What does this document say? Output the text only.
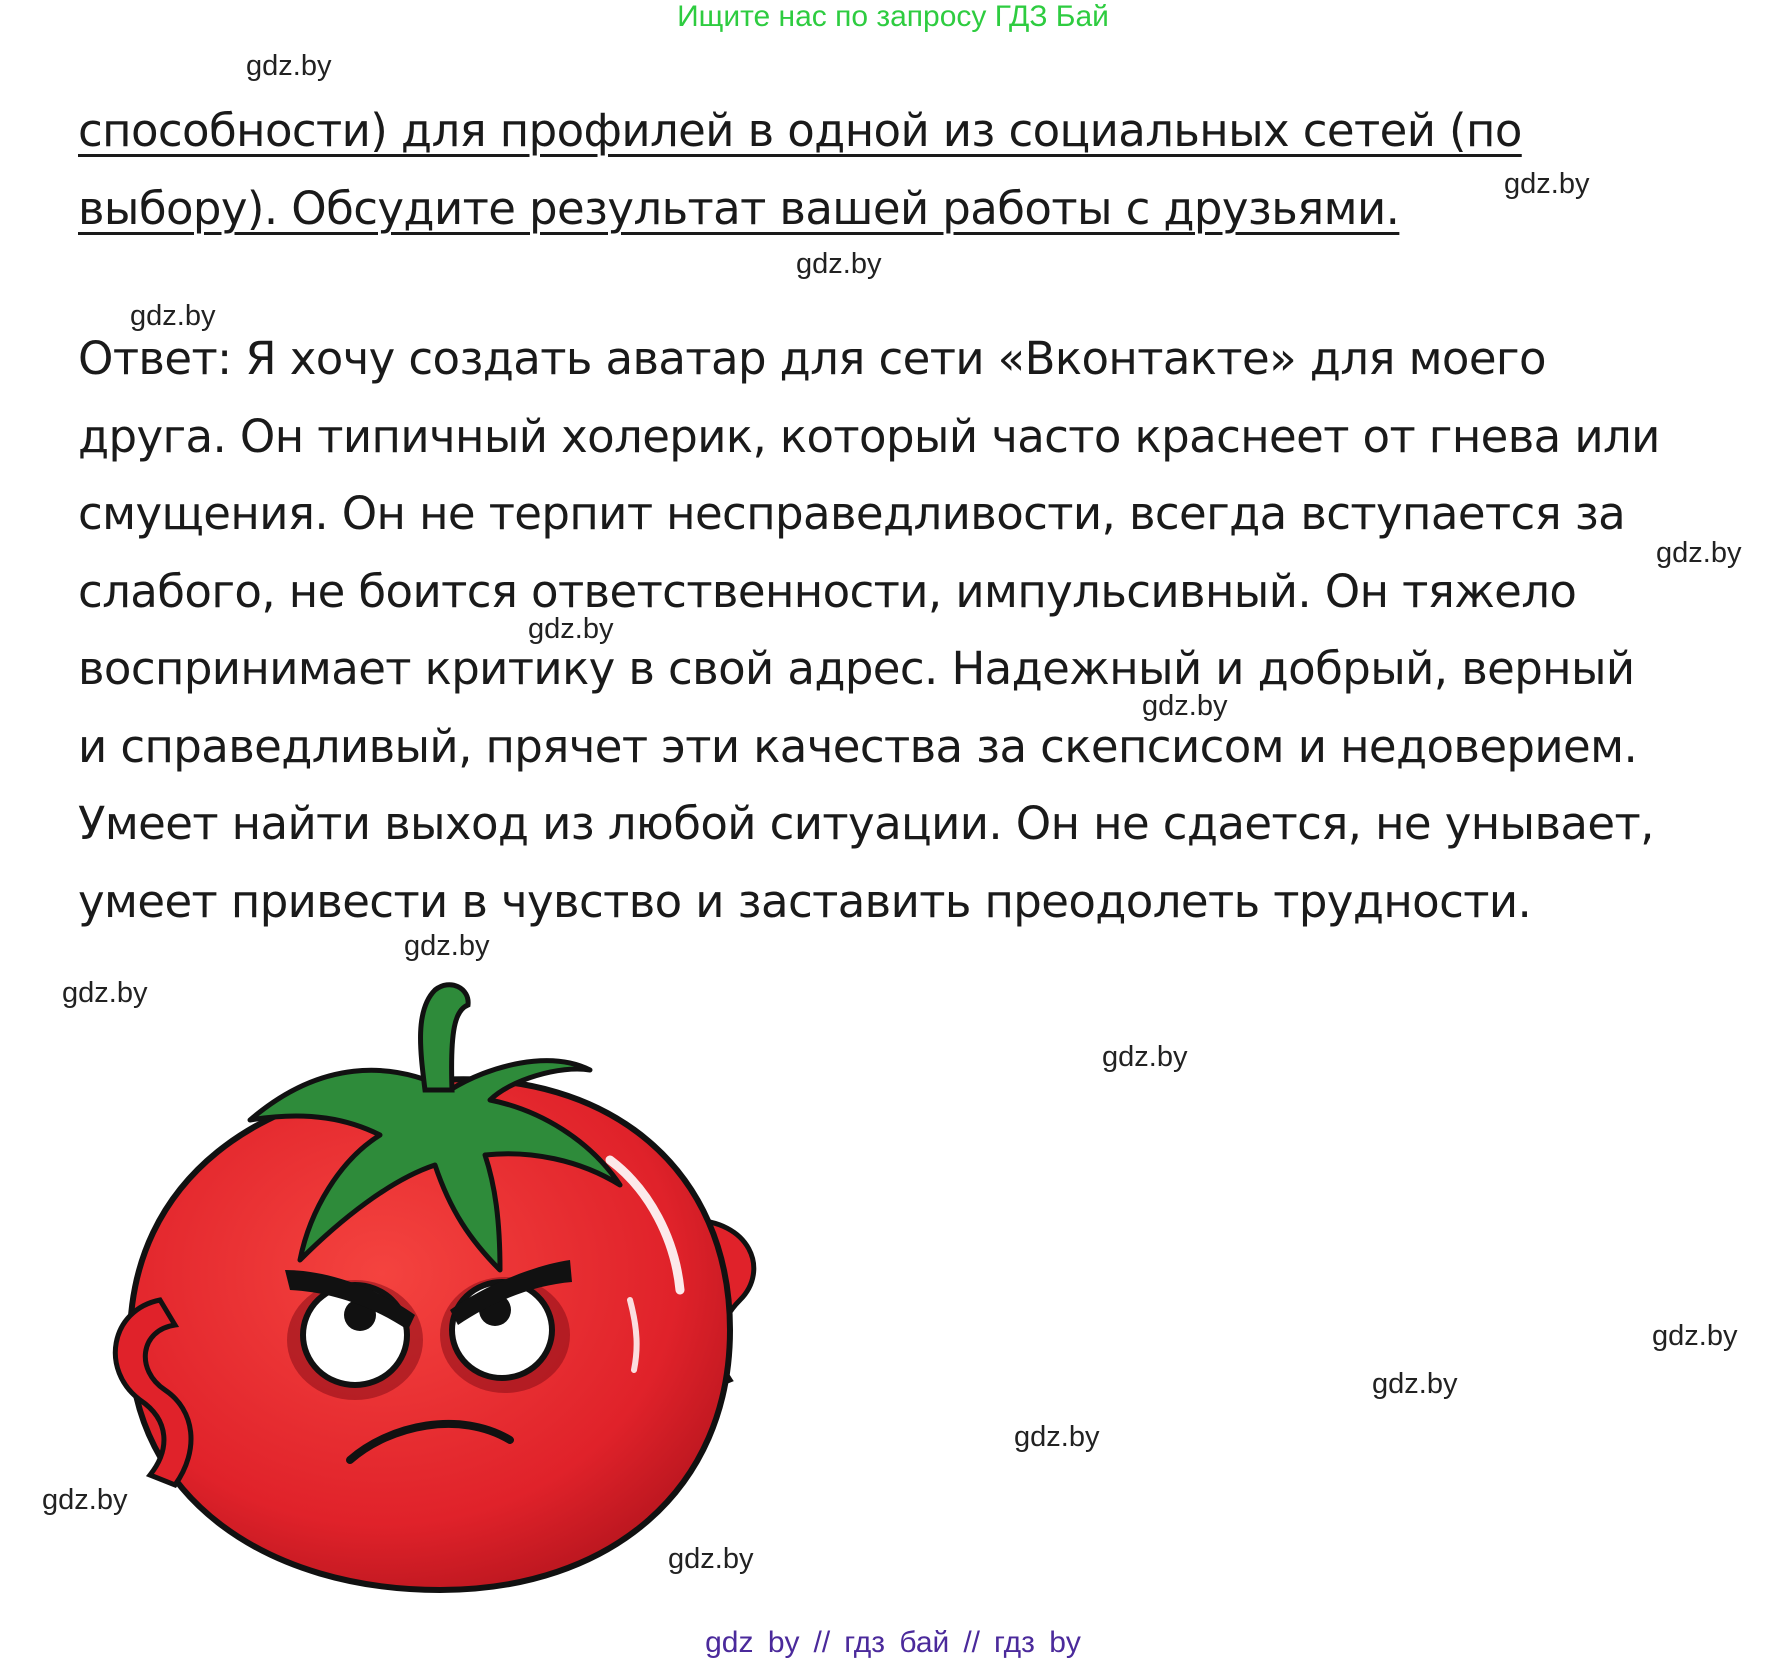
Ищите нас по запросу ГДЗ Бай
способности) для профилей в одной из социальных сетей (по
выбору). Обсудите результат вашей работы с друзьями.
Ответ: Я хочу создать аватар для сети «Вконтакте» для моего
друга. Он типичный холерик, который часто краснеет от гнева или
смущения. Он не терпит несправедливости, всегда вступается за
слабого, не боится ответственности, импульсивный. Он тяжело
воспринимает критику в свой адрес. Надежный и добрый, верный
и справедливый, прячет эти качества за скепсисом и недоверием.
Умеет найти выход из любой ситуации. Он не сдается, не унывает,
умеет привести в чувство и заставить преодолеть трудности.
gdz.by
gdz.by
gdz.by
gdz.by
gdz.by
gdz.by
gdz.by
gdz.by
gdz.by
gdz.by
gdz.by
gdz.by
gdz.by
gdz.by
gdz.by
gdz by // гдз бай // гдз by
